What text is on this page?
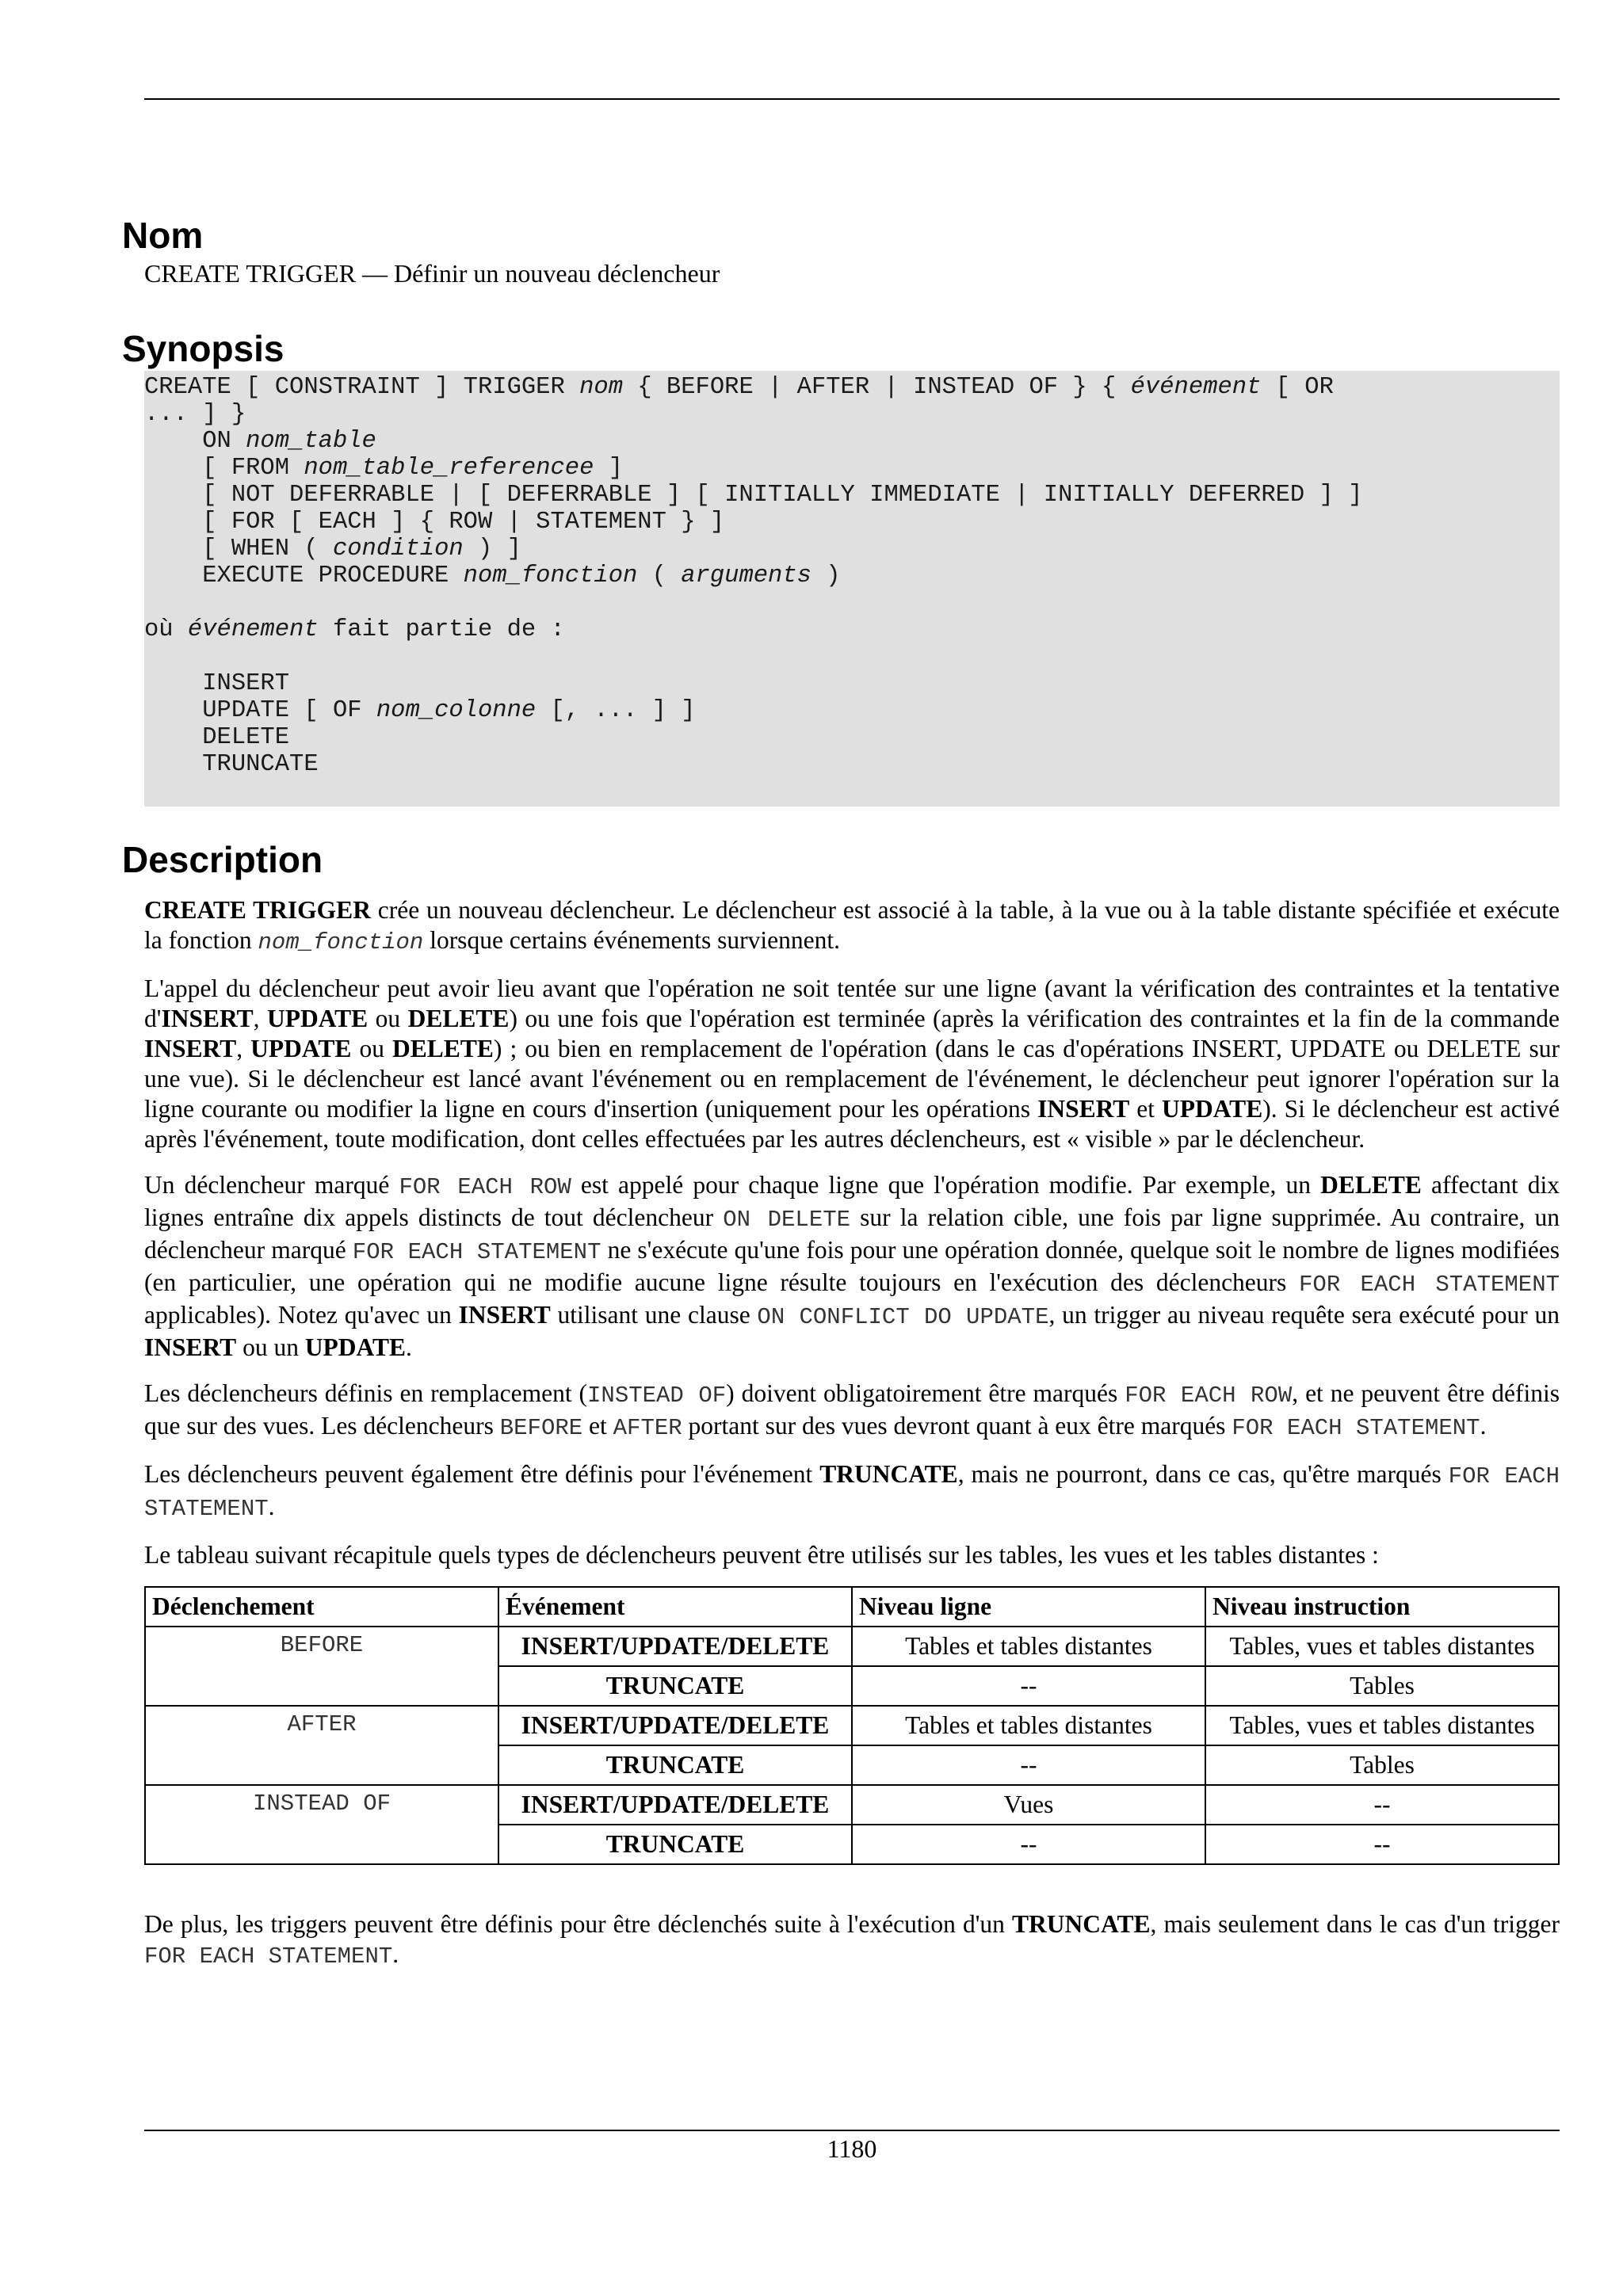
Nom

CREATE TRIGGER — Définir un nouveau déclencheur

Synopsis
CREATE [ CONSTRAINT ] TRIGGER nom { BEFORE | AFTER | INSTEAD OF } { événement [ OR
... ] }
ON nom_table
[ FROM nom_table_referencee ]
[ NOT DEFERRABLE | [ DEFERRABLE ] [ INITIALLY IMMEDIATE | INITIALLY DEFERRED ] ]
[ FOR [ EACH ] { ROW | STATEMENT } ]
[ WHEN ( condition ) ]
EXECUTE PROCEDURE nom_fonction ( arguments )

où événement fait partie de :

INSERT
UPDATE [ OF nom_colonne [, ... ] ]
DELETE
TRUNCATE
Description

CREATE TRIGGER crée un nouveau déclencheur. Le déclencheur est associé à la table, à la vue ou à la table distante spécifiée et exécute la fonction nom_fonction lorsque certains événements surviennent.

L'appel du déclencheur peut avoir lieu avant que l'opération ne soit tentée sur une ligne (avant la vérification des contraintes et la tentative d'INSERT, UPDATE ou DELETE) ou une fois que l'opération est terminée (après la vérification des contraintes et la fin de la commande INSERT, UPDATE ou DELETE) ; ou bien en remplacement de l'opération (dans le cas d'opérations INSERT, UPDATE ou DELETE sur une vue). Si le déclencheur est lancé avant l'événement ou en remplacement de l'événement, le déclencheur peut ignorer l'opération sur la ligne courante ou modifier la ligne en cours d'insertion (uniquement pour les opérations INSERT et UPDATE). Si le déclencheur est activé après l'événement, toute modification, dont celles effectuées par les autres déclencheurs, est « visible » par le déclencheur.

Un déclencheur marqué FOR EACH ROW est appelé pour chaque ligne que l'opération modifie. Par exemple, un DELETE affectant dix lignes entraîne dix appels distincts de tout déclencheur ON DELETE sur la relation cible, une fois par ligne supprimée. Au contraire, un déclencheur marqué FOR EACH STATEMENT ne s'exécute qu'une fois pour une opération donnée, quelque soit le nombre de lignes modifiées (en particulier, une opération qui ne modifie aucune ligne résulte toujours en l'exécution des déclencheurs FOR EACH STATEMENT applicables). Notez qu'avec un INSERT utilisant une clause ON CONFLICT DO UPDATE, un trigger au niveau requête sera exécuté pour un INSERT ou un UPDATE.

Les déclencheurs définis en remplacement (INSTEAD OF) doivent obligatoirement être marqués FOR EACH ROW, et ne peuvent être définis que sur des vues. Les déclencheurs BEFORE et AFTER portant sur des vues devront quant à eux être marqués FOR EACH STATEMENT.

Les déclencheurs peuvent également être définis pour l'événement TRUNCATE, mais ne pourront, dans ce cas, qu'être marqués FOR EACH STATEMENT.

Le tableau suivant récapitule quels types de déclencheurs peuvent être utilisés sur les tables, les vues et les tables distantes :

Déclenchement	Événement	Niveau ligne	Niveau instruction
BEFORE	INSERT/UPDATE/DELETE	Tables et tables distantes	Tables, vues et tables distantes
	TRUNCATE	--	Tables
AFTER	INSERT/UPDATE/DELETE	Tables et tables distantes	Tables, vues et tables distantes
	TRUNCATE	--	Tables
INSTEAD OF	INSERT/UPDATE/DELETE	Vues	--
	TRUNCATE	--	--

De plus, les triggers peuvent être définis pour être déclenchés suite à l'exécution d'un TRUNCATE, mais seulement dans le cas d'un trigger FOR EACH STATEMENT.

1180
